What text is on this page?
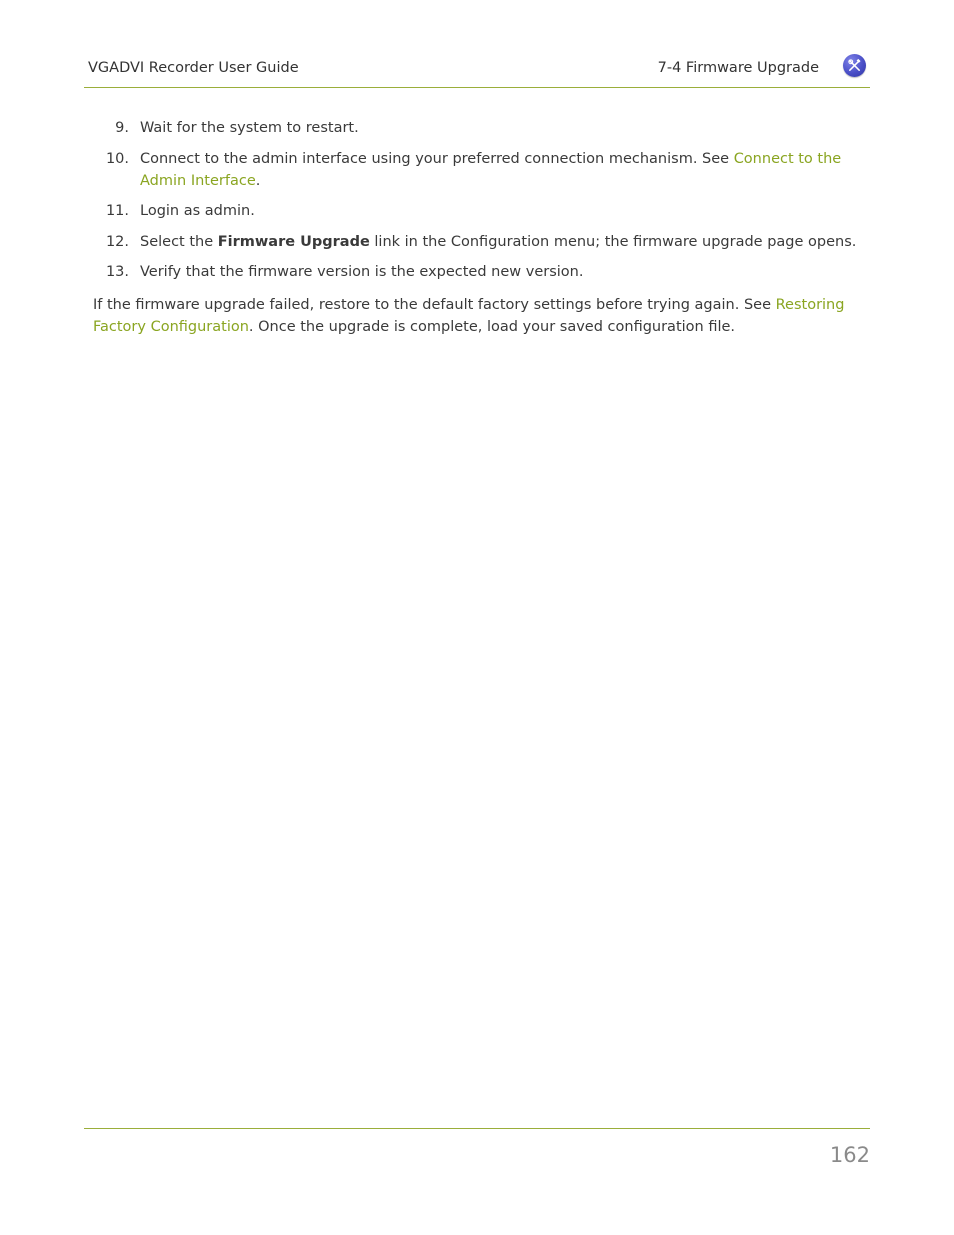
VGADVI Recorder User Guide	7-4 Firmware Upgrade
9. Wait for the system to restart.
10. Connect to the admin interface using your preferred connection mechanism. See Connect to the Admin Interface.
11. Login as admin.
12. Select the Firmware Upgrade link in the Configuration menu; the firmware upgrade page opens.
13. Verify that the firmware version is the expected new version.

If the firmware upgrade failed, restore to the default factory settings before trying again. See Restoring Factory Configuration. Once the upgrade is complete, load your saved configuration file.

162
